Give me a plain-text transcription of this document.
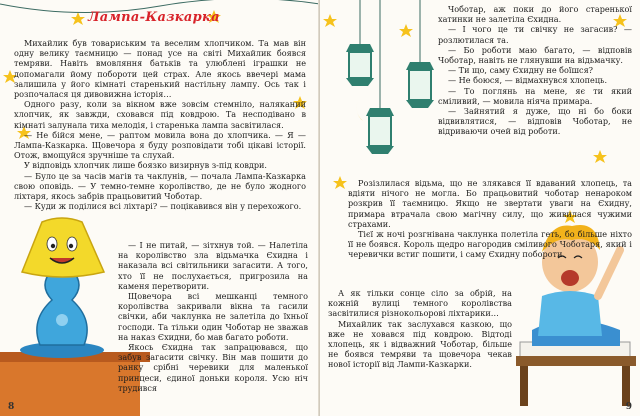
Лампа-Казкарка

Михайлик був товариським та веселим хлопчиком. Та мав він одну велику таємницю — понад усе на світі Михайлик боявся темряви. Навіть вмовляння батьків та улюблені іграшки не допомагали йому побороти цей страх. Але якось ввечері мама залишила у його кімнаті старенький настільну лампу. Ось так і розпочалася ця дивовижна історія…

Одного разу, коли за вікном вже зовсім стемніло, наляканий хлопчик, як завжди, сховався під ковдрою. Та несподівано в кімнаті залунала тиха мелодія, і старенька лампа засвітилася.

— Не бійся мене, — раптом мовила вона до хлопчика. — Я — Лампа-Казкарка. Щовечора я буду розповідати тобі цікаві історії. Отож, вмощуйся зручніше та слухай.

У відповідь хлопчик лише боязко визирнув з-під ковдри.

— Було це за часів магів та чаклунів, — почала Лампа-Казкарка свою оповідь. — У темно-темне королівство, де не було жодного ліхтаря, якось забрів працьовитий Чоботар.

— Куди ж поділися всі ліхтарі? — поцікавився він у перехожого.

— І не питай, — зітхнув той. — Налетіла на королівство зла відьмачка Єхидна і наказала всі світильники загасити. А того, хто її не послухається, пригрозила на каменя перетворити.

Щовечора всі мешканці темного королівства закривали вікна та гасили свічки, аби чаклунка не залетіла до їхньої господи. Та тільки один Чоботар не зважав на наказ Єхидни, бо мав багато роботи.

Якось Єхидна так запрацювався, що забув загасити свічку. Він мав пошити до ранку срібні черевики для маленької принцеси, єдиної доньки короля. Усю ніч трудився

8

Чоботар, аж поки до його старенької хатинки не залетіла Єхидна.

— І чого це ти свічку не загасив? — розлютилася та.

— Бо роботи маю багато, — відповів Чоботар, навіть не глянувши на відьмачку.

— Ти що, саму Єхидну не боїшся?

— Не боюся, — відмахнувся хлопець.

— То поглянь на мене, яє ти який сміливий, — мовила ніяча примара.

— Зайнятий я дуже, що ні бо боки відвивлятися, — відповів Чоботар, не відриваючи очей від роботи.

Розізлилася відьма, що не злякався її вдаваний хлопець, та вдіяти нічого не могла. Бо працьовитий чоботар ненароком розкрив її таємницю. Якщо не звертати уваги на Єхидну, примара втрачала свою магічну силу, що живилася чужими страхами.

Тієї ж ночі розгнівана чаклунка полетіла геть, бо більше ніхто її не боявся. Король щедро нагородив сміливого Чоботаря, який і черевички встиг пошити, і саму Єхидну побороти.

А як тільки сонце сіло за обрій, на кожній вулиці темного королівства засвітилися різнокольорові ліхтарики…

Михайлик так заслухався казкою, що вже не ховався під ковдрою. Відтоді хлопець, як і відважний Чоботар, більше не боявся темряви та щовечора чекав нової історії від Лампи-Казкарки.

9
